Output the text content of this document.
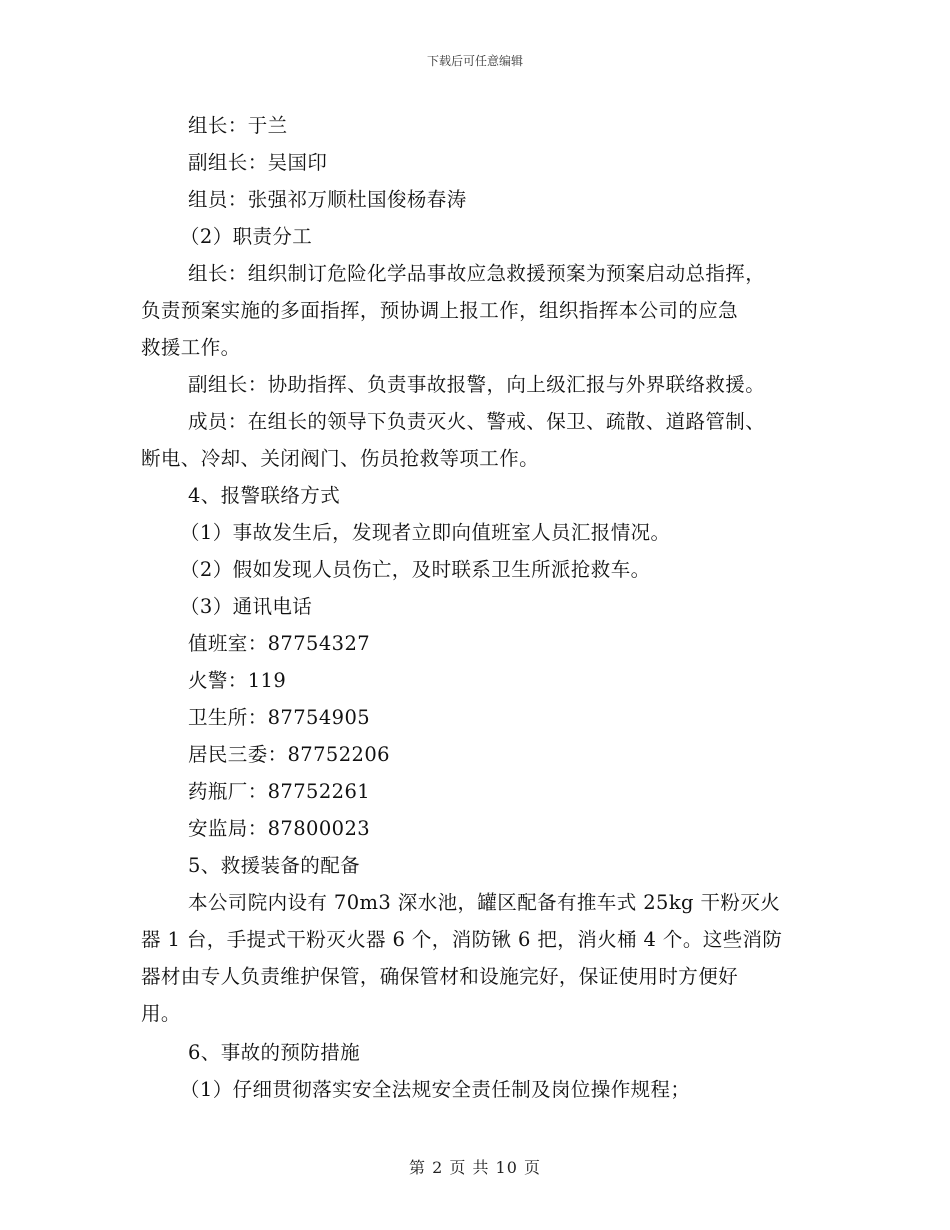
下载后可任意编辑
组长：于兰
副组长：吴国印
组员：张强祁万顺杜国俊杨春涛
（2）职责分工
组长：组织制订危险化学品事故应急救援预案为预案启动总指挥，
负责预案实施的多面指挥，预协调上报工作，组织指挥本公司的应急
救援工作。
副组长：协助指挥、负责事故报警，向上级汇报与外界联络救援。
成员：在组长的领导下负责灭火、警戒、保卫、疏散、道路管制、
断电、冷却、关闭阀门、伤员抢救等项工作。
4、报警联络方式
（1）事故发生后，发现者立即向值班室人员汇报情况。
（2）假如发现人员伤亡，及时联系卫生所派抢救车。
（3）通讯电话
值班室：87754327
火警：119
卫生所：87754905
居民三委：87752206
药瓶厂：87752261
安监局：87800023
5、救援装备的配备
本公司院内设有 70m3 深水池，罐区配备有推车式 25kg 干粉灭火
器 1 台，手提式干粉灭火器 6 个，消防锹 6 把，消火桶 4 个。这些消防
器材由专人负责维护保管，确保管材和设施完好，保证使用时方便好
用。
6、事故的预防措施
（1）仔细贯彻落实安全法规安全责任制及岗位操作规程；
第 2 页 共 10 页
